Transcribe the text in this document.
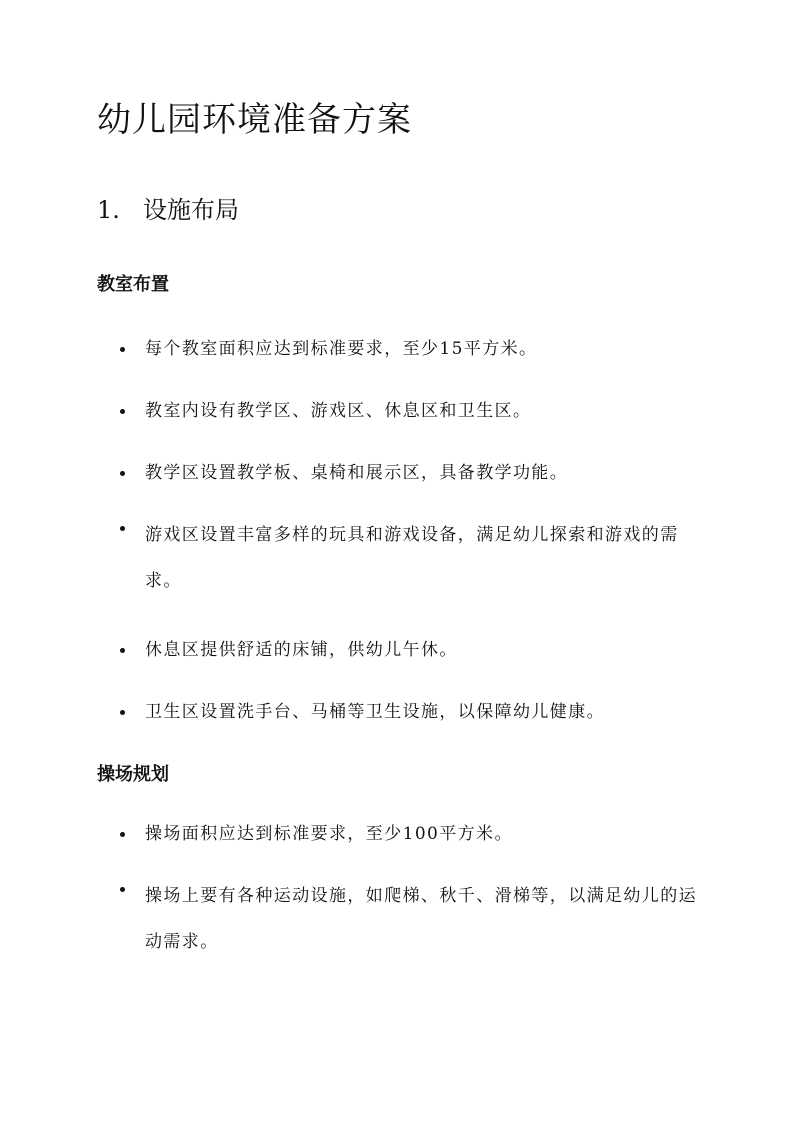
幼儿园环境准备方案
1. 设施布局
教室布置
每个教室面积应达到标准要求，至少15平方米。
教室内设有教学区、游戏区、休息区和卫生区。
教学区设置教学板、桌椅和展示区，具备教学功能。
游戏区设置丰富多样的玩具和游戏设备，满足幼儿探索和游戏的需求。
休息区提供舒适的床铺，供幼儿午休。
卫生区设置洗手台、马桶等卫生设施，以保障幼儿健康。
操场规划
操场面积应达到标准要求，至少100平方米。
操场上要有各种运动设施，如爬梯、秋千、滑梯等，以满足幼儿的运动需求。
